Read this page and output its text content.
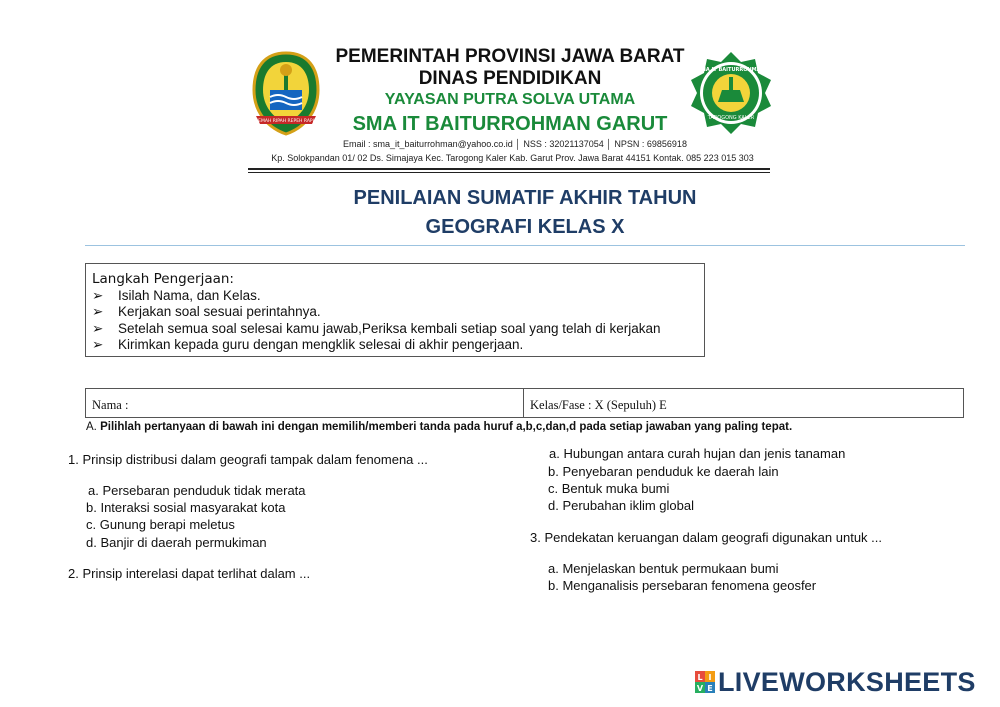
GEMAH RIPAH REPEH RAPIH
PEMERINTAH PROVINSI JAWA BARAT
DINAS PENDIDIKAN
YAYASAN PUTRA SOLVA UTAMA
SMA IT BAITURROHMAN GARUT
Email : sma_it_baiturrohman@yahoo.co.id │ NSS : 32021137054 │ NPSN : 69856918
Kp. Solokpandan 01/ 02 Ds. Simajaya Kec. Tarogong Kaler Kab. Garut Prov. Jawa Barat 44151 Kontak. 085 223 015 303
SMA IT BAITURROHMAN
TAROGONG KALER
PENILAIAN SUMATIF AKHIR TAHUN
GEOGRAFI KELAS X
Langkah Pengerjaan:
➢ Isilah Nama, dan Kelas.
➢ Kerjakan soal sesuai perintahnya.
➢ Setelah semua soal selesai kamu jawab,Periksa kembali setiap soal yang telah di kerjakan
➢ Kirimkan kepada guru dengan mengklik selesai di akhir pengerjaan.
Nama :	Kelas/Fase : X (Sepuluh) E
A. Pilihlah pertanyaan di bawah ini dengan memilih/memberi tanda pada huruf a,b,c,dan,d pada setiap jawaban yang paling tepat.
1. Prinsip distribusi dalam geografi tampak dalam fenomena ...
a. Persebaran penduduk tidak merata
b. Interaksi sosial masyarakat kota
c. Gunung berapi meletus
d. Banjir di daerah permukiman
2. Prinsip interelasi dapat terlihat dalam ...
a. Hubungan antara curah hujan dan jenis tanaman
b. Penyebaran penduduk ke daerah lain
c. Bentuk muka bumi
d. Perubahan iklim global
3. Pendekatan keruangan dalam geografi digunakan untuk ...
a. Menjelaskan bentuk permukaan bumi
b. Menganalisis persebaran fenomena geosfer
L I
V E LIVEWORKSHEETS
